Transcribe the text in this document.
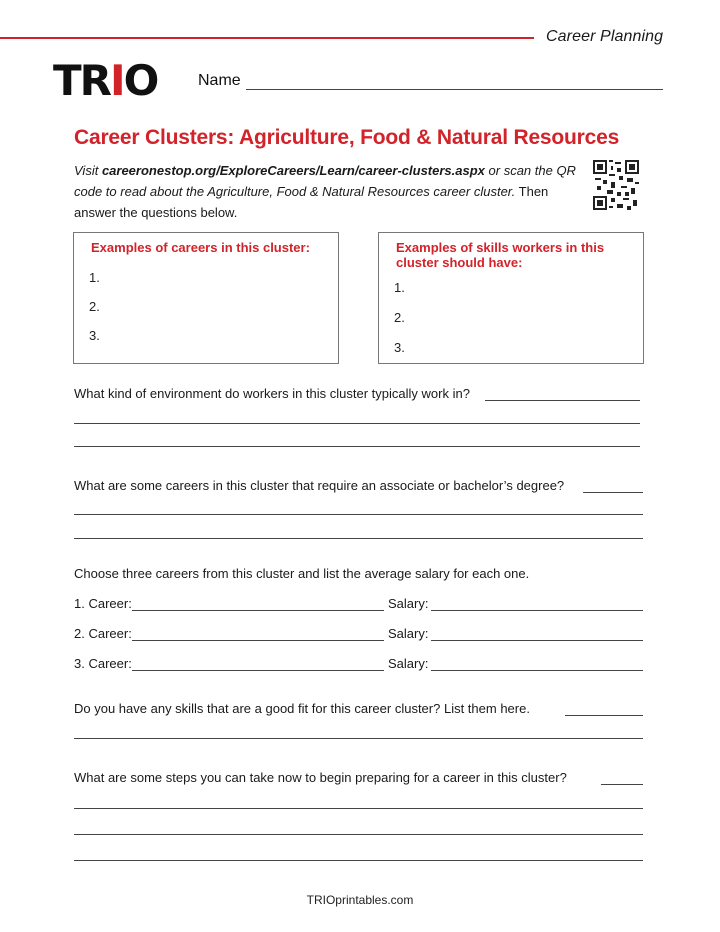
Career Planning
TRIO	Name
Career Clusters: Agriculture, Food & Natural Resources
Visit careeronestop.org/ExploreCareers/Learn/career-clusters.aspx or scan the QR code to read about the Agriculture, Food & Natural Resources career cluster. Then answer the questions below.
Examples of careers in this cluster:
1.
2.
3.
Examples of skills workers in this cluster should have:
1.
2.
3.
What kind of environment do workers in this cluster typically work in?
What are some careers in this cluster that require an associate or bachelor’s degree?
Choose three careers from this cluster and list the average salary for each one.
1. Career:	Salary:
2. Career:	Salary:
3. Career:	Salary:
Do you have any skills that are a good fit for this career cluster? List them here.
What are some steps you can take now to begin preparing for a career in this cluster?
TRIOprintables.com
